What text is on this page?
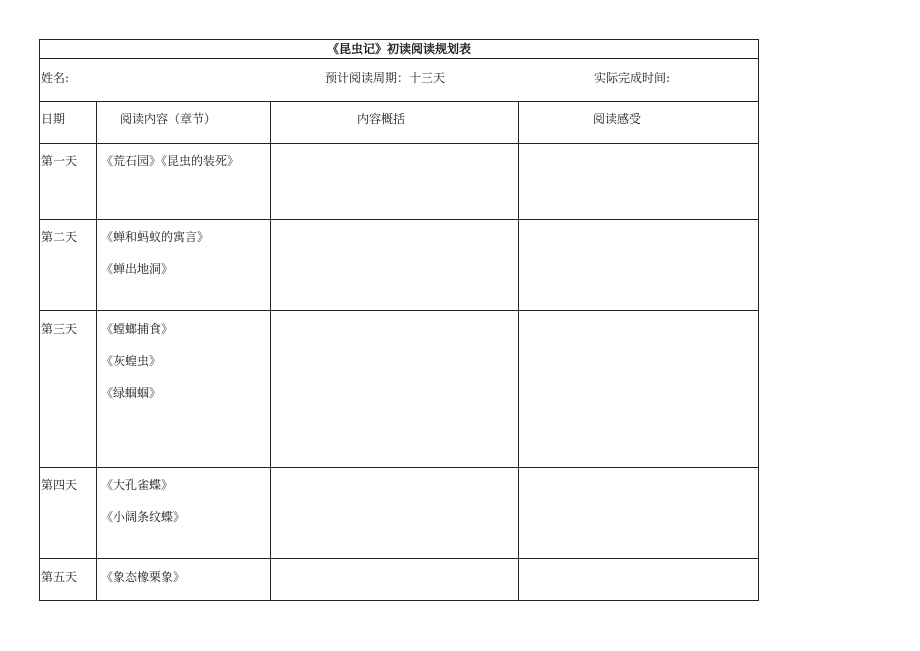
《昆虫记》初读阅读规划表
姓名:	预计阅读周期：十三天	实际完成时间:
日期	阅读内容（章节）	内容概括	阅读感受
第一天 《荒石园》《昆虫的装死》
第二天 《蝉和蚂蚁的寓言》
《蝉出地洞》
第三天 《螳螂捕食》
《灰蝗虫》
《绿蝈蝈》
第四天 《大孔雀蝶》
《小阔条纹蝶》
第五天 《象态橡栗象》
